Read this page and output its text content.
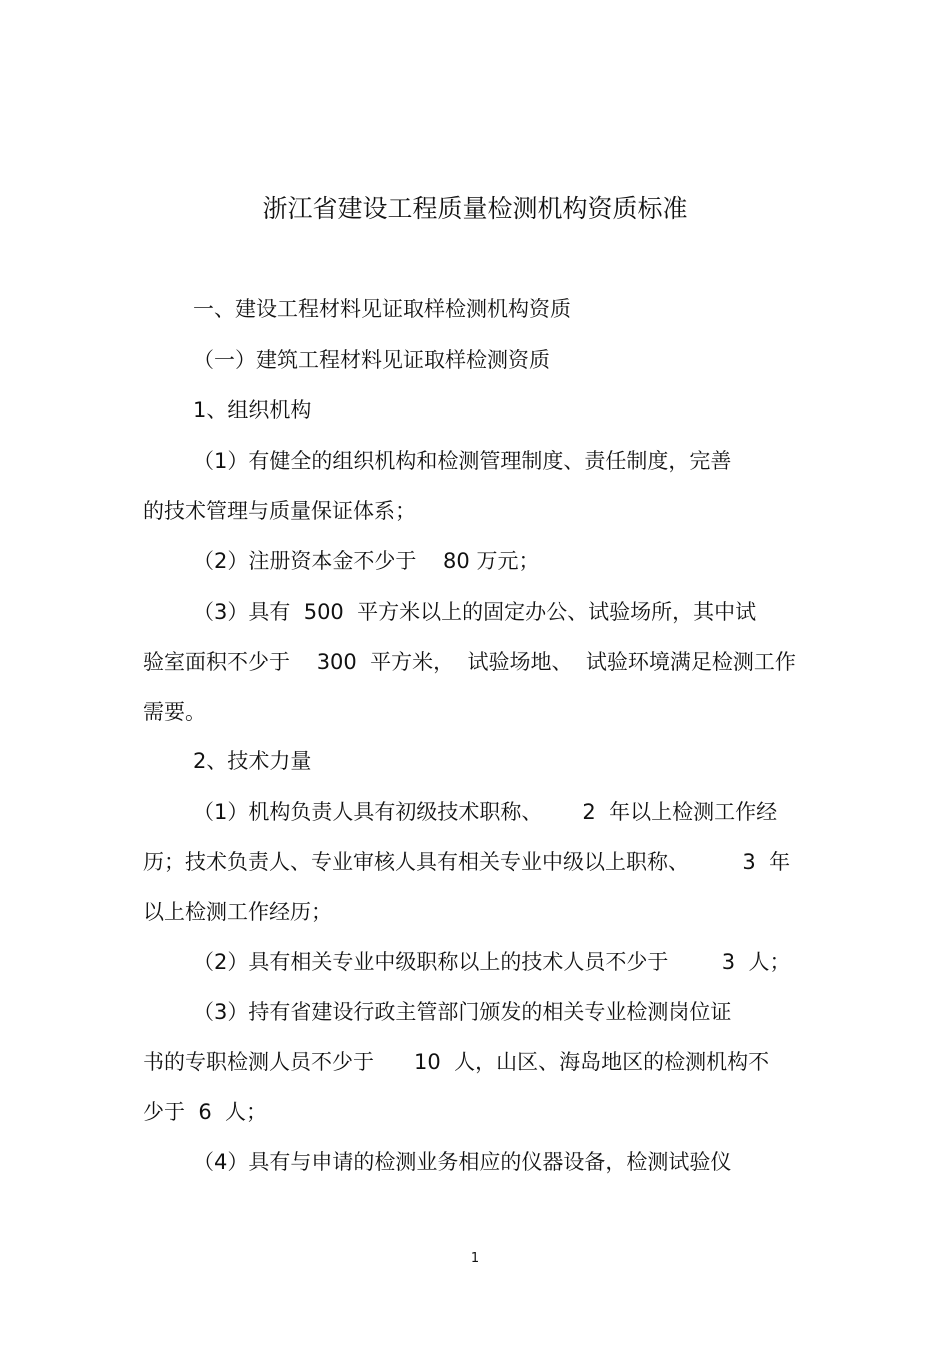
浙江省建设工程质量检测机构资质标准
一、建设工程材料见证取样检测机构资质
（一）建筑工程材料见证取样检测资质
1、组织机构
（1）有健全的组织机构和检测管理制度、责任制度，完善
的技术管理与质量保证体系；
（2）注册资本金不少于    80 万元；
（3）具有  500  平方米以上的固定办公、试验场所，其中试
验室面积不少于    300  平方米，  试验场地、  试验环境满足检测工作
需要。
2、技术力量
（1）机构负责人具有初级技术职称、      2  年以上检测工作经
历；技术负责人、专业审核人具有相关专业中级以上职称、        3  年
以上检测工作经历；
（2）具有相关专业中级职称以上的技术人员不少于        3  人；
（3）持有省建设行政主管部门颁发的相关专业检测岗位证
书的专职检测人员不少于      10  人，山区、海岛地区的检测机构不
少于  6  人；
（4）具有与申请的检测业务相应的仪器设备，检测试验仪
1
